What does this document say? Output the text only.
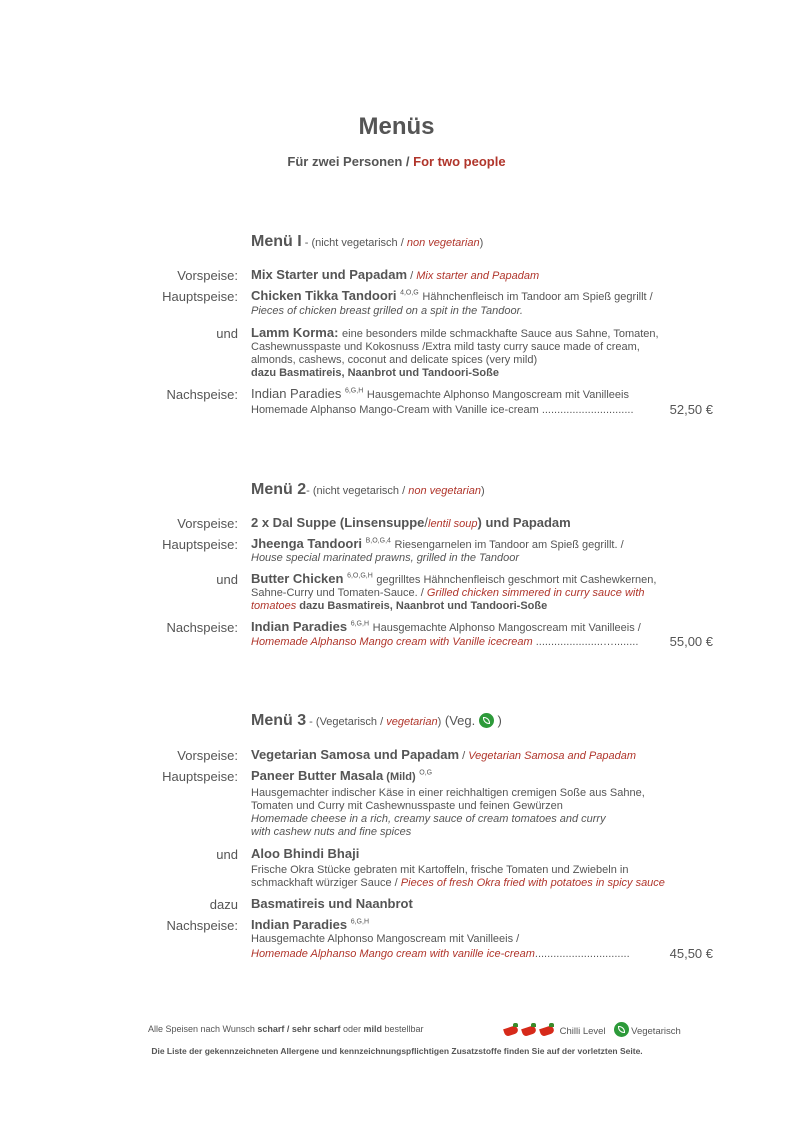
Menüs
Für zwei Personen / For two people
Menü I - (nicht vegetarisch / non vegetarian)
Vorspeise: Mix Starter und Papadam / Mix starter and Papadam
Hauptspeise: Chicken Tikka Tandoori $^{4,O,G}$ Hähnchenfleisch im Tandoor am Spieß gegrillt /
Pieces of chicken breast grilled on a spit in the Tandoor.
und Lamm Korma: eine besonders milde schmackhafte Sauce aus Sahne, Tomaten,
Cashewnusspaste und Kokosnuss /Extra mild tasty curry sauce made of cream,
almonds, cashews, coconut and delicate spices (very mild)
dazu Basmatireis, Naanbrot und Tandoori-Soße
Nachspeise: Indian Paradies $^{6,G,H}$ Hausgemachte Alphonso Mangoscream mit Vanilleeis
Homemade Alphanso Mango-Cream with Vanille ice-cream ..............................	52,50 €
Menü 2- (nicht vegetarisch / non vegetarian)
Vorspeise: 2 x Dal Suppe (Linsensuppe/lentil soup) und Papadam
Hauptspeise: Jheenga Tandoori $^{B,O,G,4}$ Riesengarnelen im Tandoor am Spieß gegrillt. /
House special marinated prawns, grilled in the Tandoor
und Butter Chicken $^{6,O,G,H}$ gegrilltes Hähnchenfleisch geschmort mit Cashewkernen,
Sahne-Curry und Tomaten-Sauce. / Grilled chicken simmered in curry sauce with
tomatoes dazu Basmatireis, Naanbrot und Tandoori-Soße
Nachspeise: Indian Paradies $^{6,G,H}$ Hausgemachte Alphonso Mangoscream mit Vanilleeis /
Homemade Alphanso Mango cream with Vanille icecream ......................…........ 55,00 €
Menü 3 - (Vegetarisch / vegetarian) (Veg.  )
Vorspeise: Vegetarian Samosa und Papadam / Vegetarian Samosa and Papadam
Hauptspeise: Paneer Butter Masala (Mild) $^{O,G}$
Hausgemachter indischer Käse in einer reichhaltigen cremigen Soße aus Sahne,
Tomaten und Curry mit Cashewnusspaste und feinen Gewürzen
Homemade cheese in a rich, creamy sauce of cream tomatoes and curry
with cashew nuts and fine spices
und Aloo Bhindi Bhaji
Frische Okra Stücke gebraten mit Kartoffeln, frische Tomaten und Zwiebeln in
schmackhaft würziger Sauce / Pieces of fresh Okra fried with potatoes in spicy sauce
dazu Basmatireis und Naanbrot
Nachspeise: Indian Paradies $^{6,G,H}$
Hausgemachte Alphonso Mangoscream mit Vanilleeis /
Homemade Alphanso Mango cream with vanille ice-cream...............................	45,50 €
Alle Speisen nach Wunsch scharf / sehr scharf oder mild bestellbar	Chilli Level	Vegetarisch
Die Liste der gekennzeichneten Allergene und kennzeichnungspflichtigen Zusatzstoffe finden Sie auf der vorletzten Seite.
